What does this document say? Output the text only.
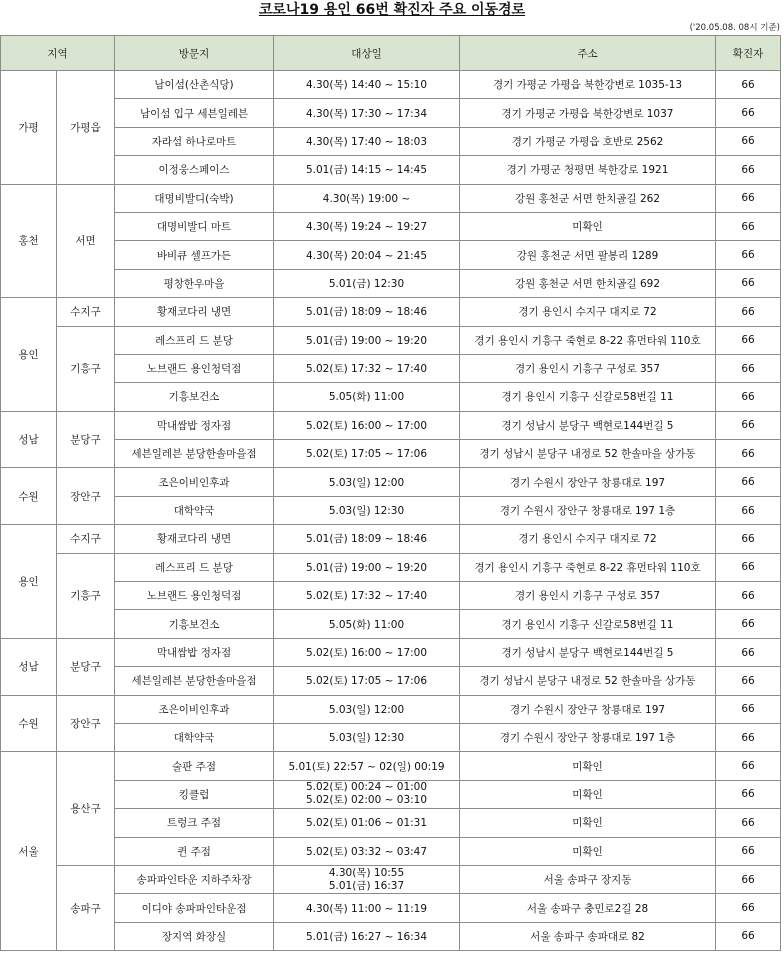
코로나19 용인 66번 확진자 주요 이동경로
('20.05.08. 08시 기준)
지역		방문지	대상일	주소	확진자
가평	가평읍	남이섬(산촌식당)	4.30(목) 14:40 ~ 15:10	경기 가평군 가평읍 북한강변로 1035-13	66
		남이섬 입구 세븐일레븐	4.30(목) 17:30 ~ 17:34	경기 가평군 가평읍 북한강변로 1037	66
		자라섬 하나로마트	4.30(목) 17:40 ~ 18:03	경기 가평군 가평읍 호반로 2562	66
		이정웅스페이스	5.01(금) 14:15 ~ 14:45	경기 가평군 청평면 북한강로 1921	66
홍천	서면	대명비발디(숙박)	4.30(목) 19:00 ~	강원 홍천군 서면 한치골길 262	66
		대명비발디 마트	4.30(목) 19:24 ~ 19:27	미확인	66
		바비큐 셀프가든	4.30(목) 20:04 ~ 21:45	강원 홍천군 서면 팔봉리 1289	66
		평창한우마을	5.01(금) 12:30	강원 홍천군 서면 한치골길 692	66
용인	수지구	황재코다리 냉면	5.01(금) 18:09 ~ 18:46	경기 용인시 수지구 대지로 72	66
	기흥구	레스프리 드 분당	5.01(금) 19:00 ~ 19:20	경기 용인시 기흥구 죽현로 8-22 휴먼타워 110호	66
		노브랜드 용인청덕점	5.02(토) 17:32 ~ 17:40	경기 용인시 기흥구 구성로 357	66
		기흥보건소	5.05(화) 11:00	경기 용인시 기흥구 신갈로58번길 11	66
성남	분당구	막내쌈밥 정자점	5.02(토) 16:00 ~ 17:00	경기 성남시 분당구 백현로144번길 5	66
		세븐일레븐 분당한솔마을점	5.02(토) 17:05 ~ 17:06	경기 성남시 분당구 내정로 52 한솔마을 상가동	66
수원	장안구	조은이비인후과	5.03(일) 12:00	경기 수원시 장안구 창룡대로 197	66
		대학약국	5.03(일) 12:30	경기 수원시 장안구 창룡대로 197 1층	66
용인	수지구	황재코다리 냉면	5.01(금) 18:09 ~ 18:46	경기 용인시 수지구 대지로 72	66
	기흥구	레스프리 드 분당	5.01(금) 19:00 ~ 19:20	경기 용인시 기흥구 죽현로 8-22 휴먼타워 110호	66
		노브랜드 용인청덕점	5.02(토) 17:32 ~ 17:40	경기 용인시 기흥구 구성로 357	66
		기흥보건소	5.05(화) 11:00	경기 용인시 기흥구 신갈로58번길 11	66
성남	분당구	막내쌈밥 정자점	5.02(토) 16:00 ~ 17:00	경기 성남시 분당구 백현로144번길 5	66
		세븐일레븐 분당한솔마을점	5.02(토) 17:05 ~ 17:06	경기 성남시 분당구 내정로 52 한솔마을 상가동	66
수원	장안구	조은이비인후과	5.03(일) 12:00	경기 수원시 장안구 창룡대로 197	66
		대학약국	5.03(일) 12:30	경기 수원시 장안구 창룡대로 197 1층	66
서울	용산구	술판 주점	5.01(토) 22:57 ~ 02(일) 00:19	미확인	66
		킹클럽	5.02(토) 00:24 ~ 01:00
5.02(토) 02:00 ~ 03:10	미확인	66
		트렁크 주점	5.02(토) 01:06 ~ 01:31	미확인	66
		퀸 주점	5.02(토) 03:32 ~ 03:47	미확인	66
	송파구	송파파인타운 지하주차장	4.30(목) 10:55
5.01(금) 16:37	서울 송파구 장지동	66
		이디야 송파파인타운점	4.30(목) 11:00 ~ 11:19	서울 송파구 충민로2길 28	66
		장지역 화장실	5.01(금) 16:27 ~ 16:34	서울 송파구 송파대로 82	66
